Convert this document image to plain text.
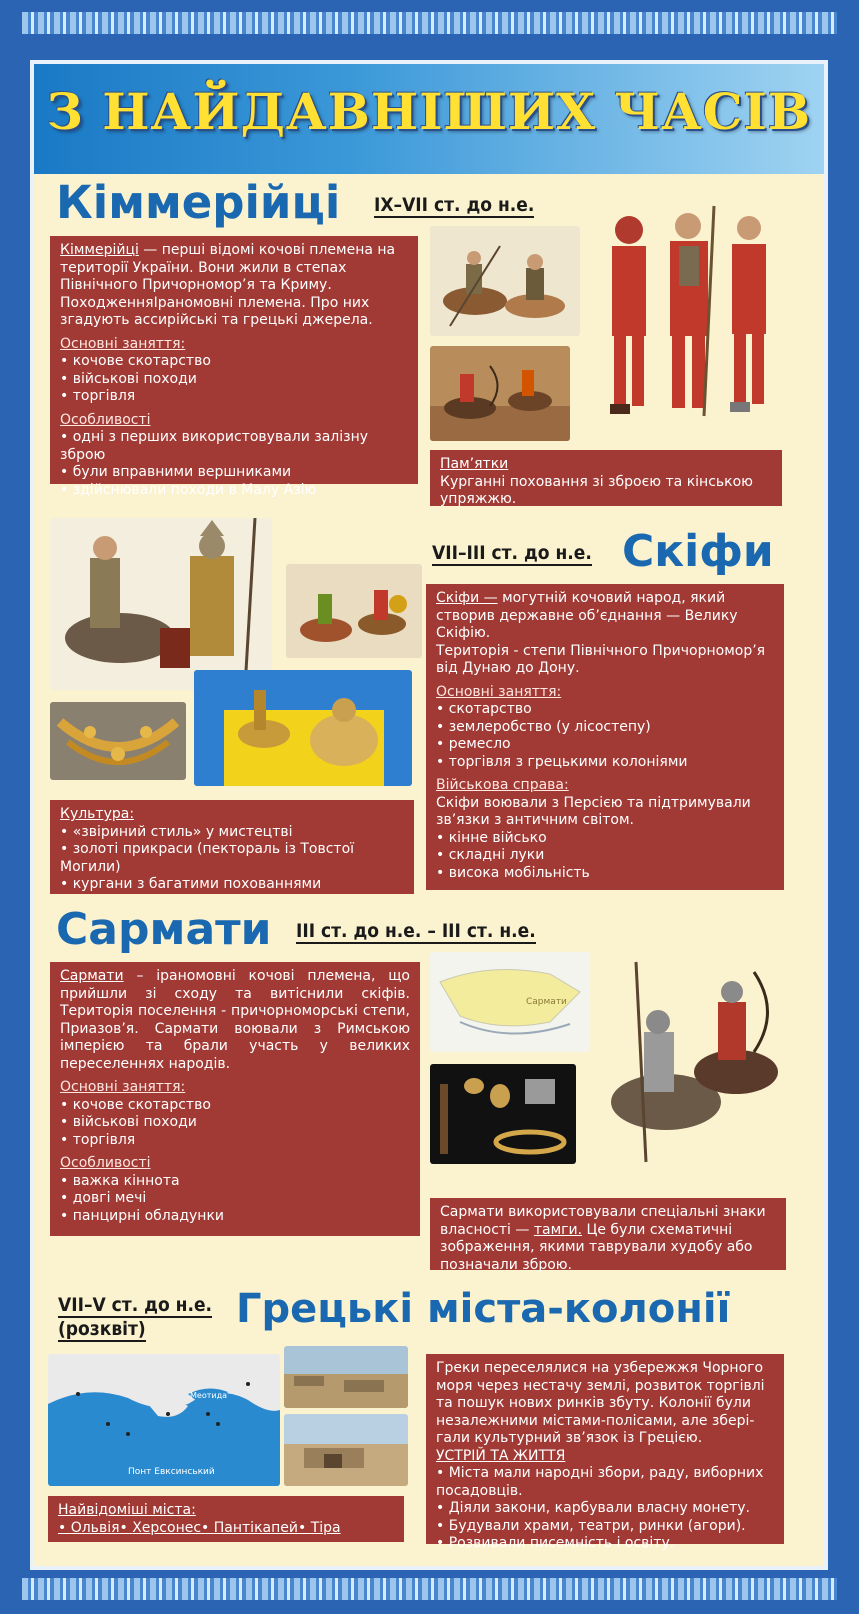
З НАЙДАВНІШИХ ЧАСІВ
Кіммерійці IX–VII ст. до н.е.
Кіммерійці — перші відомі кочові племена на території України. Вони жили в степах Північного Причорномор’я та Криму. ПоходженняІраномовні племена. Про них згадують ассирійські та грецькі джерела.
Основні заняття:
• кочове скотарство
• військові походи
• торгівля
Особливості
• одні з перших використовували залізну зброю
• були вправними вершниками
• здійснювали походи в Малу Азію
Пам’ятки
Курганні поховання зі зброєю та кінською упряжжю.
VII–III ст. до н.е. Скіфи
Скіфи — могутній кочовий народ, який створив державне об’єднання — Велику Скіфію.
Територія - степи Північного Причорномор’я від Дунаю до Дону.
Основні заняття:
• скотарство
• землеробство (у лісостепу)
• ремесло
• торгівля з грецькими колоніями
Військова справа:
Скіфи воювали з Персією та підтримували зв’язки з античним світом.
• кінне військо
• складні луки
• висока мобільність
Культура:
• «звіриний стиль» у мистецтві
• золоті прикраси (пектораль із Товстої Могили)
• кургани з багатими похованнями
Сармати III ст. до н.е. – III ст. н.е.
Сармати – іраномовні кочові племена, що прийшли зі сходу та витіснили скіфів. Територія поселення - причорноморські степи, Приазов’я. Сармати воювали з Римською імперією та брали участь у великих переселеннях народів.
Основні заняття:
• кочове скотарство
• військові походи
• торгівля
Особливості
• важка кіннота
• довгі мечі
• панцирні обладунки
Сармати
Сармати використовували спеціальні знаки власності — тамги. Це були схематичні зображення, якими таврували худобу або позначали зброю.
VII–V ст. до н.е.
(розквіт)	Грецькі міста-колонії
Понт Евксинський
Меотида
Найвідоміші міста:
• Ольвія• Херсонес• Пантікапей• Тіра
Греки переселялися на узбережжя Чорного моря через нестачу землі, розвиток торгівлі та пошук нових ринків збуту. Колонії були незалежними містами-полісами, але зберігали культурний зв’язок із Грецією.
УСТРІЙ ТА ЖИТТЯ
• Міста мали народні збори, раду, виборних посадовців.
• Діяли закони, карбували власну монету.
• Будували храми, театри, ринки (агори).
• Розвивали писемність і освіту.
